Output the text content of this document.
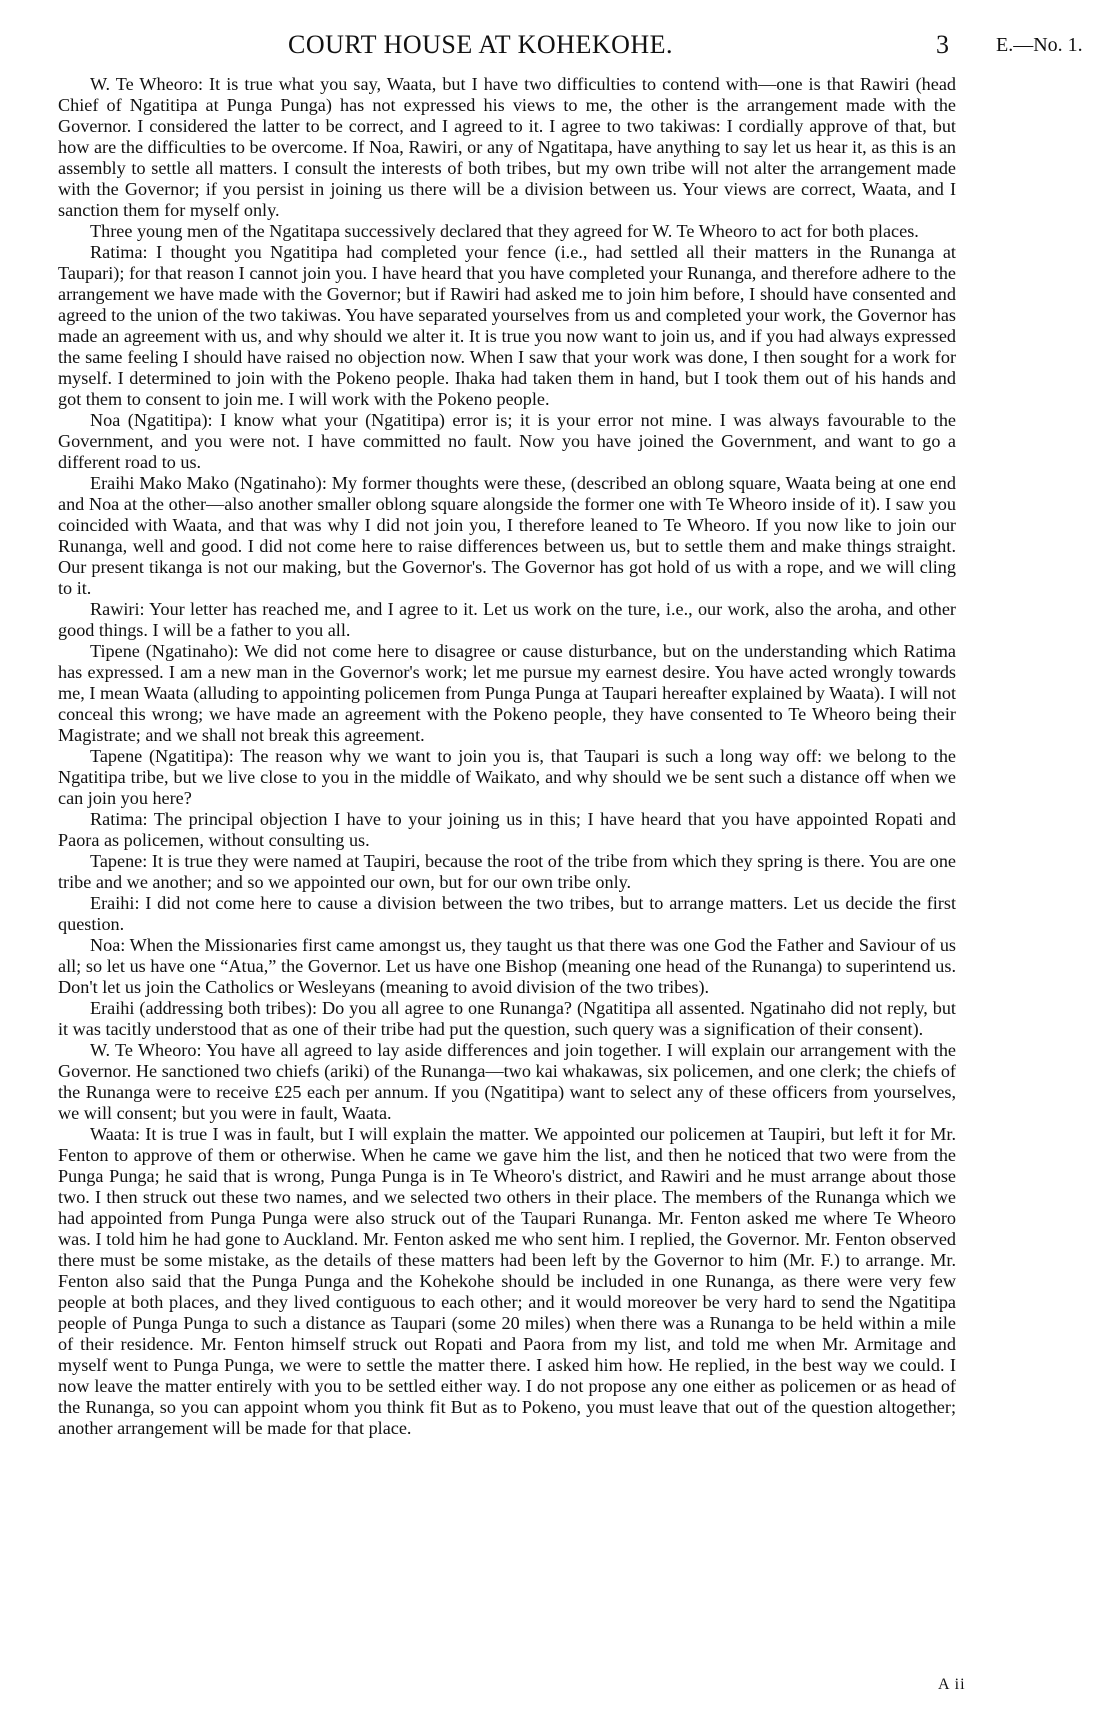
COURT HOUSE AT KOHEKOHE.	3 E.—No. 1.

W. Te Wheoro: It is true what you say, Waata, but I have two difficulties to contend with—one is that Rawiri (head Chief of Ngatitipa at Punga Punga) has not expressed his views to me, the other is the arrangement made with the Governor. I considered the latter to be correct, and I agreed to it. I agree to two takiwas: I cordially approve of that, but how are the difficulties to be overcome. If Noa, Rawiri, or any of Ngatitapa, have anything to say let us hear it, as this is an assembly to settle all matters. I consult the interests of both tribes, but my own tribe will not alter the arrangement made with the Governor; if you persist in joining us there will be a division between us. Your views are correct, Waata, and I sanction them for myself only.

Three young men of the Ngatitapa successively declared that they agreed for W. Te Wheoro to act for both places.

Ratima: I thought you Ngatitipa had completed your fence (i.e., had settled all their matters in the Runanga at Taupari); for that reason I cannot join you. I have heard that you have completed your Runanga, and therefore adhere to the arrangement we have made with the Governor; but if Rawiri had asked me to join him before, I should have consented and agreed to the union of the two takiwas. You have separated yourselves from us and completed your work, the Governor has made an agreement with us, and why should we alter it. It is true you now want to join us, and if you had always expressed the same feeling I should have raised no objection now. When I saw that your work was done, I then sought for a work for myself. I determined to join with the Pokeno people. Ihaka had taken them in hand, but I took them out of his hands and got them to consent to join me. I will work with the Pokeno people.

Noa (Ngatitipa): I know what your (Ngatitipa) error is; it is your error not mine. I was always favourable to the Government, and you were not. I have committed no fault. Now you have joined the Government, and want to go a different road to us.

Eraihi Mako Mako (Ngatinaho): My former thoughts were these, (described an oblong square, Waata being at one end and Noa at the other—also another smaller oblong square alongside the former one with Te Wheoro inside of it). I saw you coincided with Waata, and that was why I did not join you, I therefore leaned to Te Wheoro. If you now like to join our Runanga, well and good. I did not come here to raise differences between us, but to settle them and make things straight. Our present tikanga is not our making, but the Governor's. The Governor has got hold of us with a rope, and we will cling to it.

Rawiri: Your letter has reached me, and I agree to it. Let us work on the ture, i.e., our work, also the aroha, and other good things. I will be a father to you all.

Tipene (Ngatinaho): We did not come here to disagree or cause disturbance, but on the understanding which Ratima has expressed. I am a new man in the Governor's work; let me pursue my earnest desire. You have acted wrongly towards me, I mean Waata (alluding to appointing policemen from Punga Punga at Taupari hereafter explained by Waata). I will not conceal this wrong; we have made an agreement with the Pokeno people, they have consented to Te Wheoro being their Magistrate; and we shall not break this agreement.

Tapene (Ngatitipa): The reason why we want to join you is, that Taupari is such a long way off: we belong to the Ngatitipa tribe, but we live close to you in the middle of Waikato, and why should we be sent such a distance off when we can join you here?

Ratima: The principal objection I have to your joining us in this; I have heard that you have appointed Ropati and Paora as policemen, without consulting us.

Tapene: It is true they were named at Taupiri, because the root of the tribe from which they spring is there. You are one tribe and we another; and so we appointed our own, but for our own tribe only.

Eraihi: I did not come here to cause a division between the two tribes, but to arrange matters. Let us decide the first question.

Noa: When the Missionaries first came amongst us, they taught us that there was one God the Father and Saviour of us all; so let us have one “Atua,” the Governor. Let us have one Bishop (meaning one head of the Runanga) to superintend us. Don't let us join the Catholics or Wesleyans (meaning to avoid division of the two tribes).

Eraihi (addressing both tribes): Do you all agree to one Runanga? (Ngatitipa all assented. Ngatinaho did not reply, but it was tacitly understood that as one of their tribe had put the question, such query was a signification of their consent).

W. Te Wheoro: You have all agreed to lay aside differences and join together. I will explain our arrangement with the Governor. He sanctioned two chiefs (ariki) of the Runanga—two kai whakawas, six policemen, and one clerk; the chiefs of the Runanga were to receive £25 each per annum. If you (Ngatitipa) want to select any of these officers from yourselves, we will consent; but you were in fault, Waata.

Waata: It is true I was in fault, but I will explain the matter. We appointed our policemen at Taupiri, but left it for Mr. Fenton to approve of them or otherwise. When he came we gave him the list, and then he noticed that two were from the Punga Punga; he said that is wrong, Punga Punga is in Te Wheoro's district, and Rawiri and he must arrange about those two. I then struck out these two names, and we selected two others in their place. The members of the Runanga which we had appointed from Punga Punga were also struck out of the Taupari Runanga. Mr. Fenton asked me where Te Wheoro was. I told him he had gone to Auckland. Mr. Fenton asked me who sent him. I replied, the Governor. Mr. Fenton observed there must be some mistake, as the details of these matters had been left by the Governor to him (Mr. F.) to arrange. Mr. Fenton also said that the Punga Punga and the Kohekohe should be included in one Runanga, as there were very few people at both places, and they lived contiguous to each other; and it would moreover be very hard to send the Ngatitipa people of Punga Punga to such a distance as Taupari (some 20 miles) when there was a Runanga to be held within a mile of their residence. Mr. Fenton himself struck out Ropati and Paora from my list, and told me when Mr. Armitage and myself went to Punga Punga, we were to settle the matter there. I asked him how. He replied, in the best way we could. I now leave the matter entirely with you to be settled either way. I do not propose any one either as policemen or as head of the Runanga, so you can appoint whom you think fit But as to Pokeno, you must leave that out of the question altogether; another arrangement will be made for that place.

A ii
